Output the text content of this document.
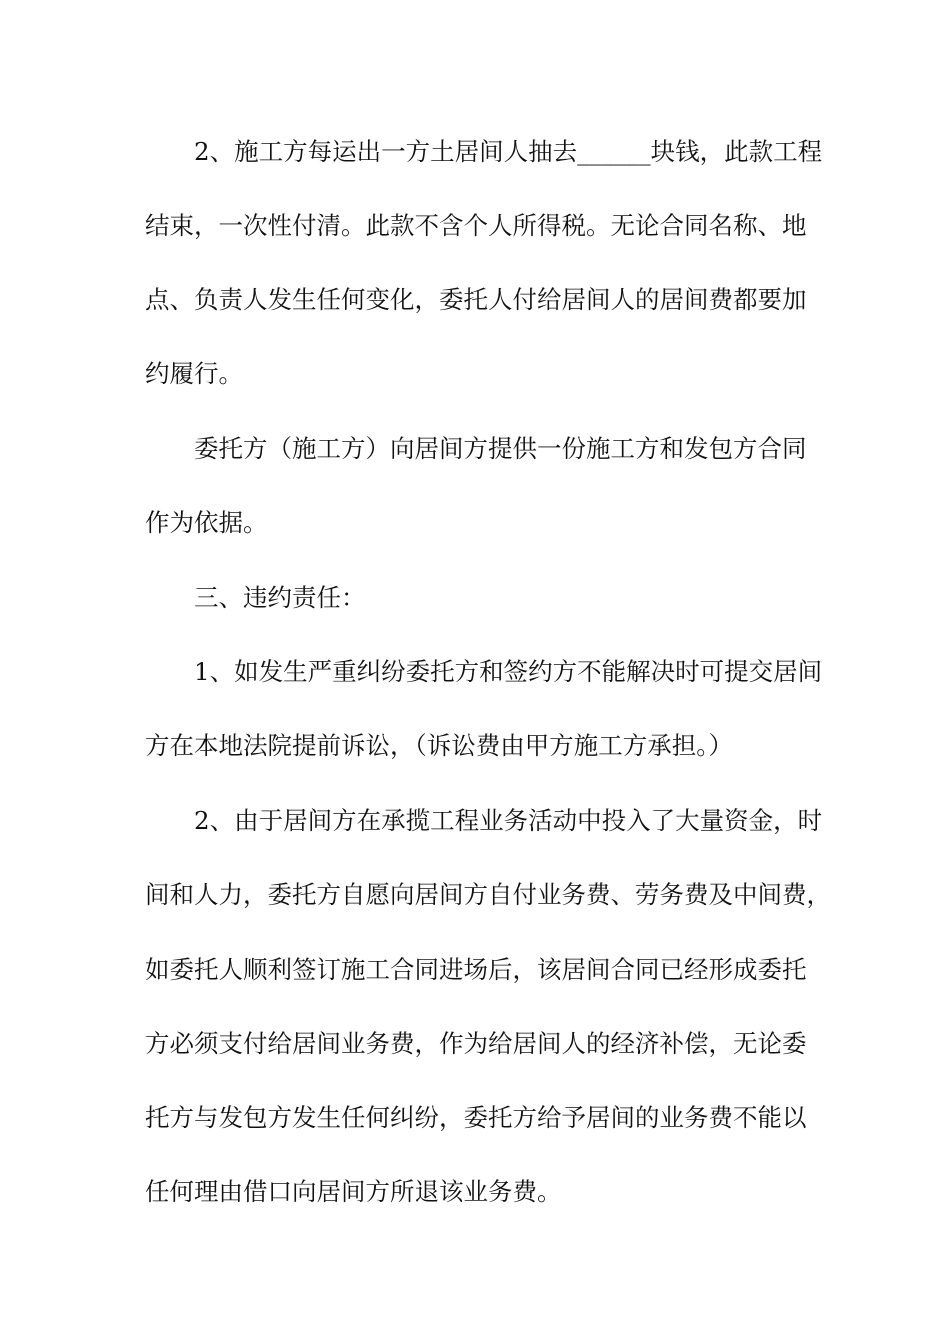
2、施工方每运出一方土居间人抽去______块钱，此款工程

结束，一次性付清。此款不含个人所得税。无论合同名称、地

点、负责人发生任何变化，委托人付给居间人的居间费都要加

约履行。

委托方（施工方）向居间方提供一份施工方和发包方合同

作为依据。

三、违约责任：

1、如发生严重纠纷委托方和签约方不能解决时可提交居间

方在本地法院提前诉讼，（诉讼费由甲方施工方承担。）

2、由于居间方在承揽工程业务活动中投入了大量资金，时

间和人力，委托方自愿向居间方自付业务费、劳务费及中间费，

如委托人顺利签订施工合同进场后，该居间合同已经形成委托

方必须支付给居间业务费，作为给居间人的经济补偿，无论委

托方与发包方发生任何纠纷，委托方给予居间的业务费不能以

任何理由借口向居间方所退该业务费。
